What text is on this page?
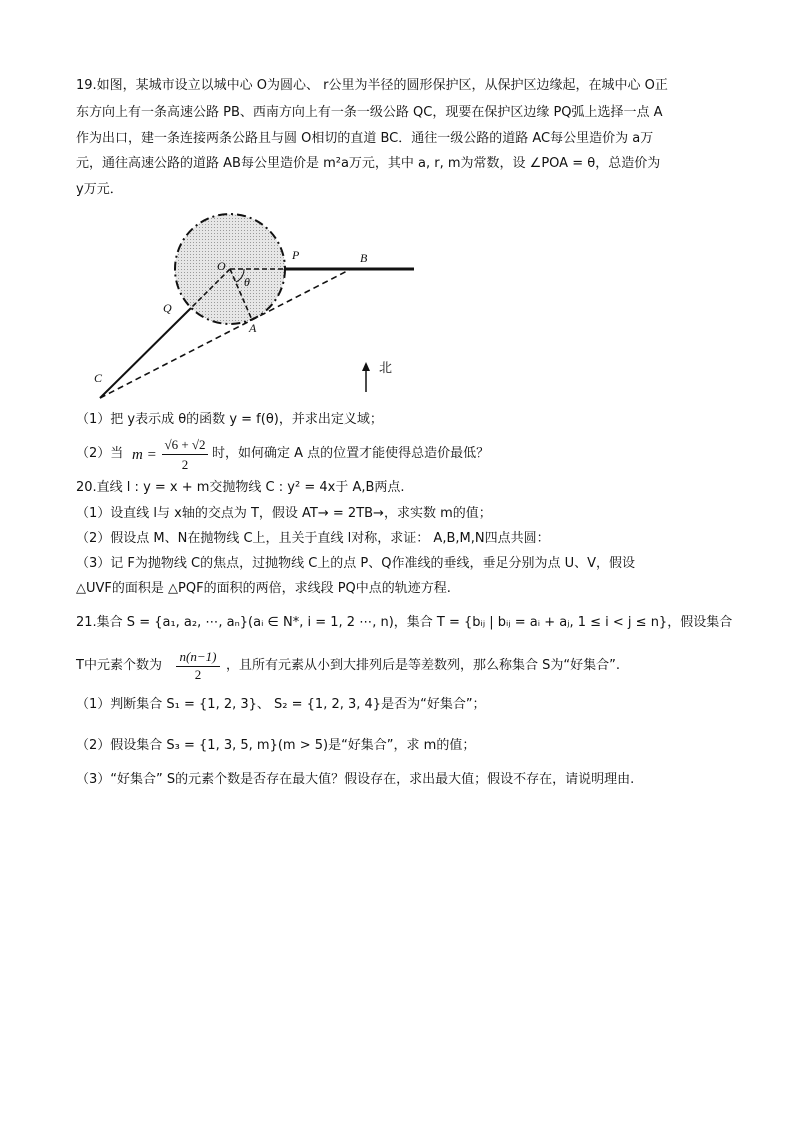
19.如图，某城市设立以城中心 O为圆心、 r公里为半径的圆形保护区，从保护区边缘起，在城中心 O正
东方向上有一条高速公路 PB、西南方向上有一条一级公路 QC，现要在保护区边缘 PQ弧上选择一点 A
作为出口，建一条连接两条公路且与圆 O相切的直道 BC．通往一级公路的道路 AC每公里造价为 a万
元，通往高速公路的道路 AB每公里造价是 m²a万元，其中 a, r, m为常数，设 ∠POA = θ，总造价为
y万元．
O
P	B
Q
A
C
θ
北
（1）把 y表示成 θ的函数 y = f(θ)，并求出定义域；
（2）当 m =
√6 + √2
2
时，如何确定 A 点的位置才能使得总造价最低？
20.直线 l : y = x + m交抛物线 C : y² = 4x于 A,B两点.
（1）设直线 l与 x轴的交点为 T，假设 AT→ = 2TB→，求实数 m的值；
（2）假设点 M、N在抛物线 C上，且关于直线 l对称，求证： A,B,M,N四点共圆：
（3）记 F为抛物线 C的焦点，过抛物线 C上的点 P、Q作准线的垂线，垂足分别为点 U、V，假设
△UVF的面积是 △PQF的面积的两倍，求线段 PQ中点的轨迹方程.
21.集合 S = {a₁, a₂, ⋯, aₙ}(aᵢ ∈ N*, i = 1, 2 ⋯, n)，集合 T = {bᵢⱼ | bᵢⱼ = aᵢ + aⱼ, 1 ≤ i < j ≤ n}，假设集合
T中元素个数为
n(n−1)
2
，且所有元素从小到大排列后是等差数列，那么称集合 S为“好集合”.
（1）判断集合 S₁ = {1, 2, 3}、 S₂ = {1, 2, 3, 4}是否为“好集合”；
（2）假设集合 S₃ = {1, 3, 5, m}(m > 5)是“好集合”，求 m的值；
（3）“好集合” S的元素个数是否存在最大值？假设存在，求出最大值；假设不存在，请说明理由.
